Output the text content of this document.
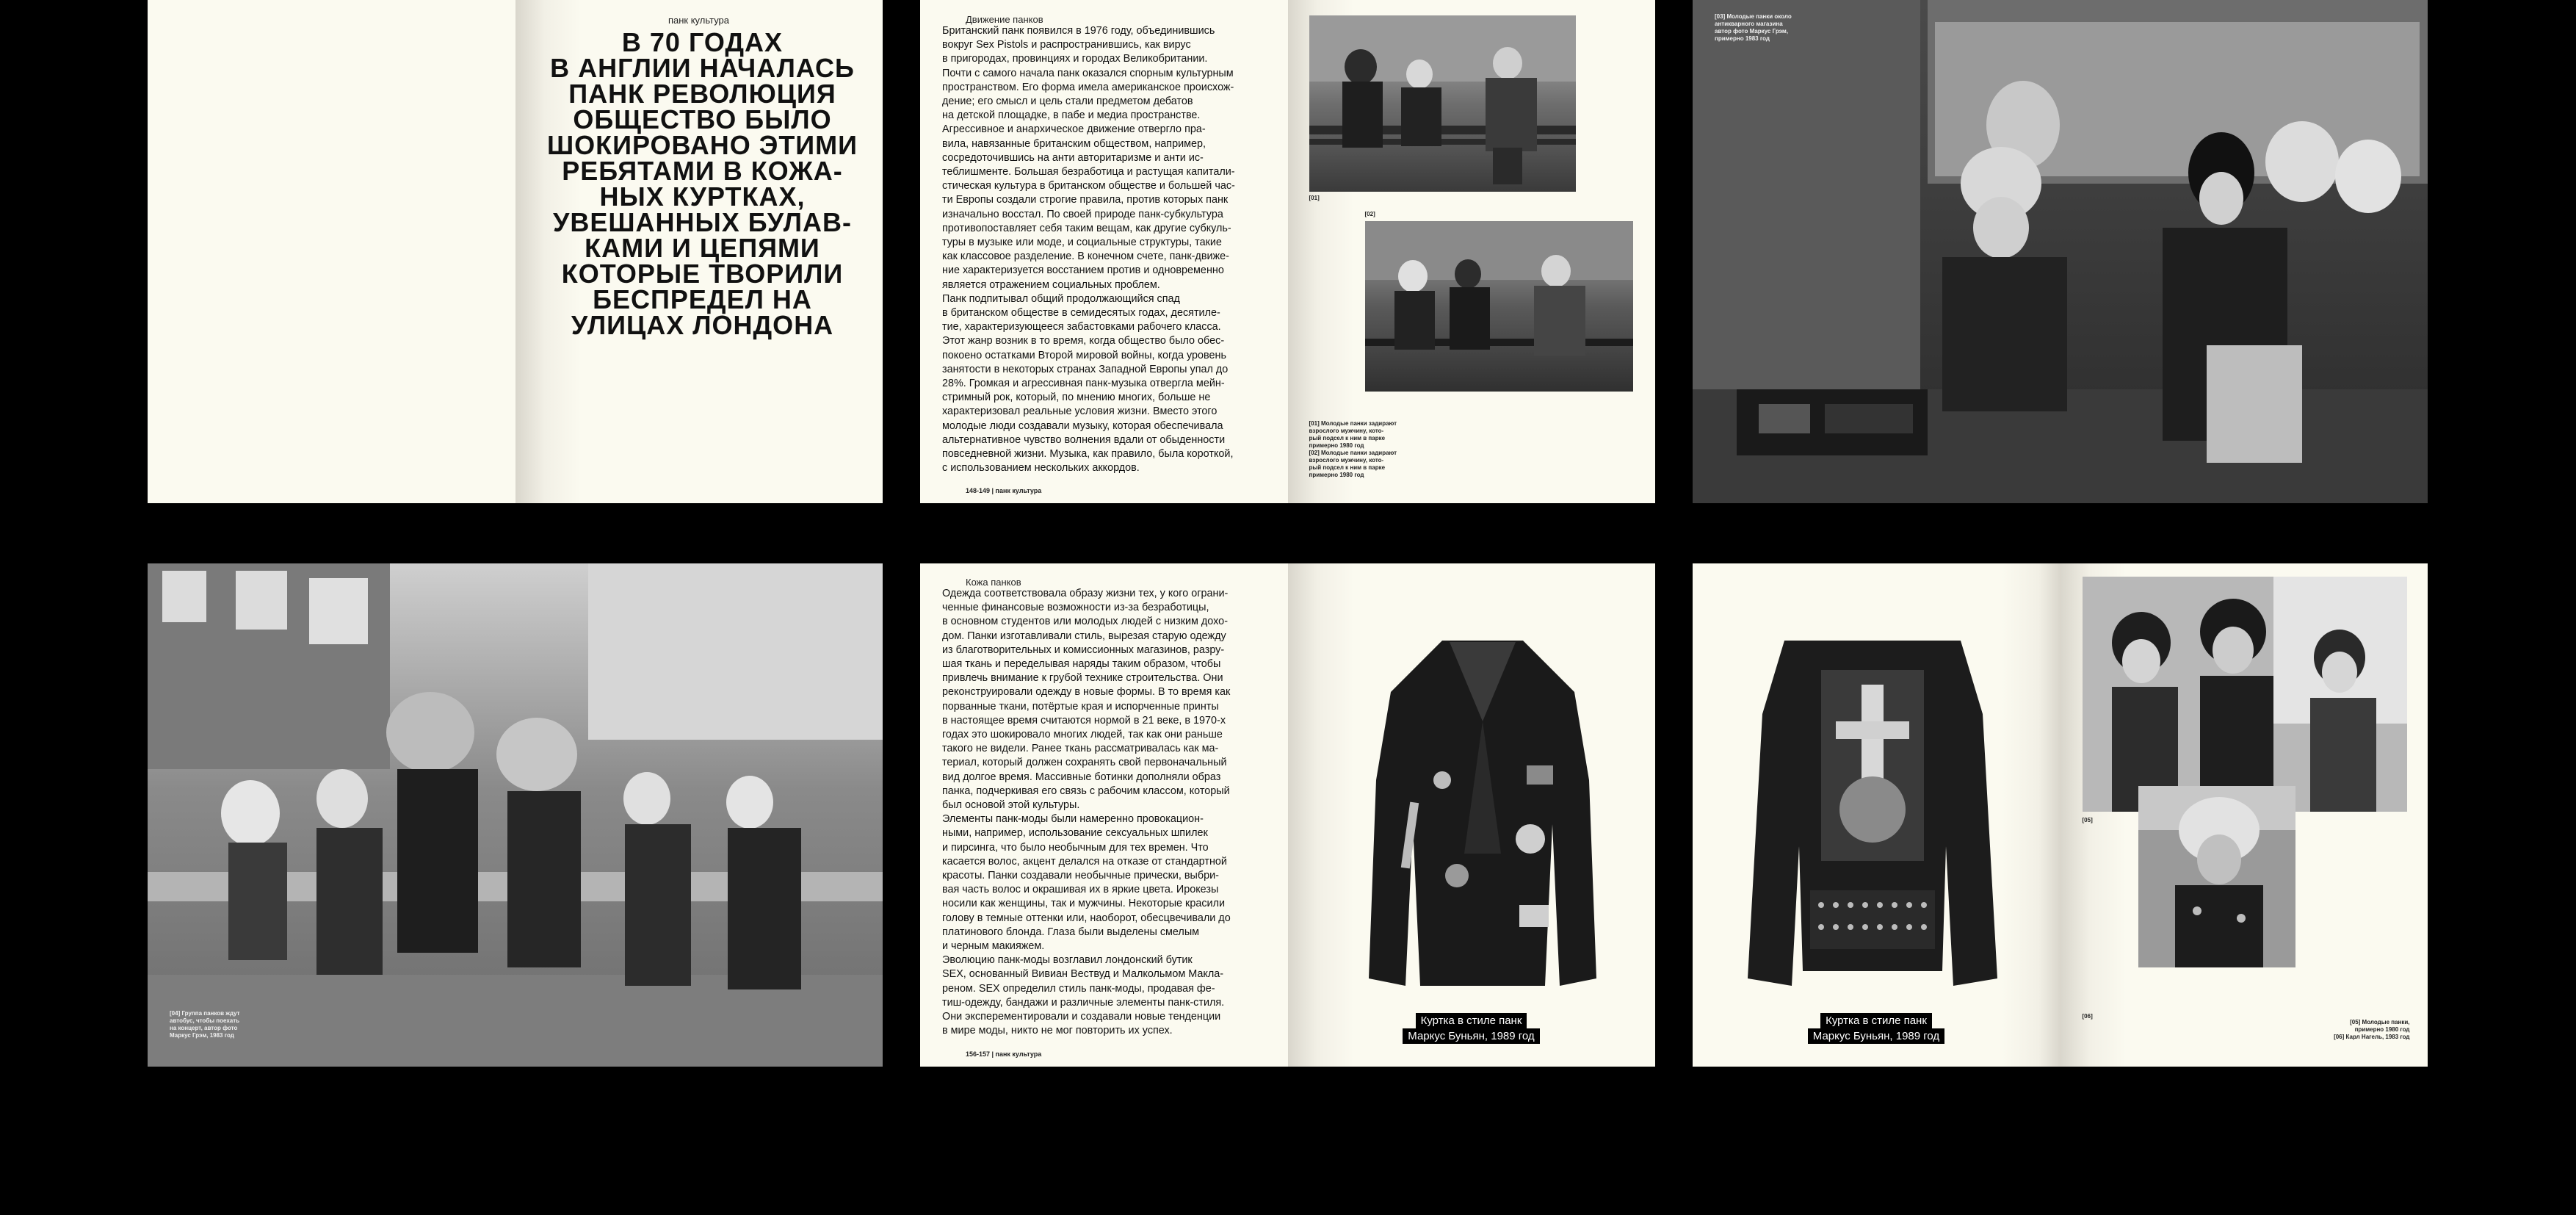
панк культура
В 70 ГОДАХ
В АНГЛИИ НАЧАЛАСЬ
ПАНК РЕВОЛЮЦИЯ
ОБЩЕСТВО БЫЛО
ШОКИРОВАНО ЭТИМИ
РЕБЯТАМИ В КОЖА-
НЫХ КУРТКАХ,
УВЕШАННЫХ БУЛАВ-
КАМИ И ЦЕПЯМИ
КОТОРЫЕ ТВОРИЛИ
БЕСПРЕДЕЛ НА
УЛИЦАХ ЛОНДОНА
Движение панков
Британский панк появился в 1976 году, объединившись
вокруг Sex Pistols и распространившись, как вирус
в пригородах, провинциях и городах Великобритании.
Почти с самого начала панк оказался спорным культурным
пространством. Его форма имела американское происхож-
дение; его смысл и цель стали предметом дебатов
на детской площадке, в пабе и медиа пространстве.
Агрессивное и анархическое движение отвергло пра-
вила, навязанные британским обществом, например,
сосредоточившись на анти авторитаризме и анти ис-
теблишменте. Большая безработица и растущая капитали-
стическая культура в британском обществе и большей час-
ти Европы создали строгие правила, против которых панк
изначально восстал. По своей природе панк-субкультура
противопоставляет себя таким вещам, как другие субкуль-
туры в музыке или моде, и социальные структуры, такие
как классовое разделение. В конечном счете, панк-движе-
ние характеризуется восстанием против и одновременно
является отражением социальных проблем.
Панк подпитывал общий продолжающийся спад
в британском обществе в семидесятых годах, десятиле-
тие, характеризующееся забастовками рабочего класса.
Этот жанр возник в то время, когда общество было обес-
покоено остатками Второй мировой войны, когда уровень
занятости в некоторых странах Западной Европы упал до
28%. Громкая и агрессивная панк-музыка отвергла мейн-
стримный рок, который, по мнению многих, больше не
характеризовал реальные условия жизни. Вместо этого
молодые люди создавали музыку, которая обеспечивала
альтернативное чувство волнения вдали от обыденности
повседневной жизни. Музыка, как правило, была короткой,
с использованием нескольких аккордов.
148-149 | панк культура
[01]
[02]
[01] Молодые панки задирают
взрослого мужчину, кото-
рый подсел к ним в парке
примерно 1980 год
[02] Молодые панки задирают
взрослого мужчину, кото-
рый подсел к ним в парке
примерно 1980 год
[03] Молодые панки около
антикварного магазина
автор фото Маркус Грэм,
примерно 1983 год
[04] Группа панков ждут
автобус, чтобы поехать
на концерт, автор фото
Маркус Грэм, 1983 год
Кожа панков
Одежда соответствовала образу жизни тех, у кого ограни-
ченные финансовые возможности из-за безработицы,
в основном студентов или молодых людей с низким дохо-
дом. Панки изготавливали стиль, вырезая старую одежду
из благотворительных и комиссионных магазинов, разру-
шая ткань и переделывая наряды таким образом, чтобы
привлечь внимание к грубой технике строительства. Они
реконструировали одежду в новые формы. В то время как
порванные ткани, потёртые края и испорченные принты
в настоящее время считаются нормой в 21 веке, в 1970-х
годах это шокировало многих людей, так как они раньше
такого не видели. Ранее ткань рассматривалась как ма-
териал, который должен сохранять свой первоначальный
вид долгое время. Массивные ботинки дополняли образ
панка, подчеркивая его связь с рабочим классом, который
был основой этой культуры.
Элементы панк-моды были намеренно провокацион-
ными, например, использование сексуальных шпилек
и пирсинга, что было необычным для тех времен. Что
касается волос, акцент делался на отказе от стандартной
красоты. Панки создавали необычные прически, выбри-
вая часть волос и окрашивая их в яркие цвета. Ирокезы
носили как женщины, так и мужчины. Некоторые красили
голову в темные оттенки или, наоборот, обесцвечивали до
платинового блонда. Глаза были выделены смелым
и черным макияжем.
Эволюцию панк-моды возглавил лондонский бутик
SEX, основанный Вивиан Вествуд и Малкольмом Макла-
реном. SEX определил стиль панк-моды, продавая фе-
тиш-одежду, бандажи и различные элементы панк-стиля.
Они эксперементировали и создавали новые тенденции
в мире моды, никто не мог повторить их успех.
156-157 | панк культура
Куртка в стиле панк
Маркус Буньян, 1989 год
Куртка в стиле панк
Маркус Буньян, 1989 год
[05]
[06]
[05] Молодые панки,
примерно 1980 год
[06] Карл Нагель, 1983 год
